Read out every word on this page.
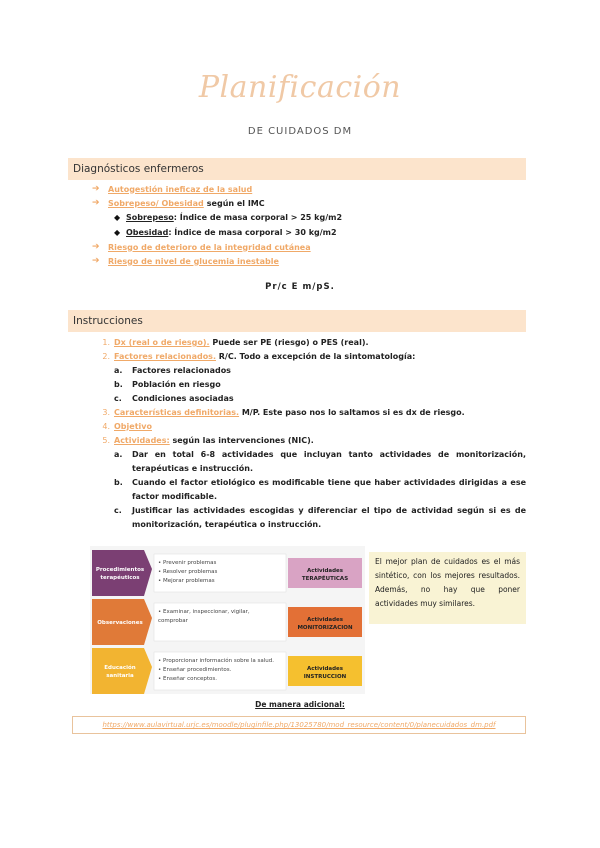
Planificación
DE CUIDADOS DM
Diagnósticos enfermeros
➔	Autogestión ineficaz de la salud
➔	Sobrepeso/ Obesidad según el IMC
◆ Sobrepeso : Índice de masa corporal > 25 kg/m2
◆ Obesidad : Índice de masa corporal > 30 kg/m2
➔	Riesgo de deterioro de la integridad cutánea
➔	Riesgo de nivel de glucemia inestable
Pr/c E m/pS.
Instrucciones
1. Dx (real o de riesgo). Puede ser PE (riesgo) o PES (real).
2. Factores relacionados. R/C. Todo a excepción de la sintomatología:
a.	Factores relacionados
b.	Población en riesgo
c.	Condiciones asociadas
3. Características definitorias. M/P. Este paso nos lo saltamos si es dx de riesgo.
4. Objetivo
5. Actividades: según las intervenciones (NIC).
a.	Dar en total 6-8 actividades que incluyan tanto actividades de monitorización, terapéuticas e instrucción.
b.	Cuando el factor etiológico es modificable tiene que haber actividades dirigidas a ese factor modificable.
c.	Justificar las actividades escogidas y diferenciar el tipo de actividad según si es de monitorización, terapéutica o instrucción.
Procedimientos
terapéuticos
• Prevenir problemas
• Resolver problemas
• Mejorar problemas
Actividades
TERAPÉUTICAS
Observaciones
• Examinar, inspeccionar, vigilar,
comprobar	Actividades
MONITORIZACION
Educación
sanitaria
• Proporcionar información sobre la salud.
• Enseñar procedimientos.
• Enseñar conceptos.
Actividades
INSTRUCCION
El mejor plan de cuidados es el más sintético, con los mejores resultados. Además, no hay que poner actividades muy similares.
De manera adicional:
https://www.aulavirtual.urjc.es/moodle/pluginfile.php/13025780/mod_resource/content/0/planecuidados_dm.pdf
